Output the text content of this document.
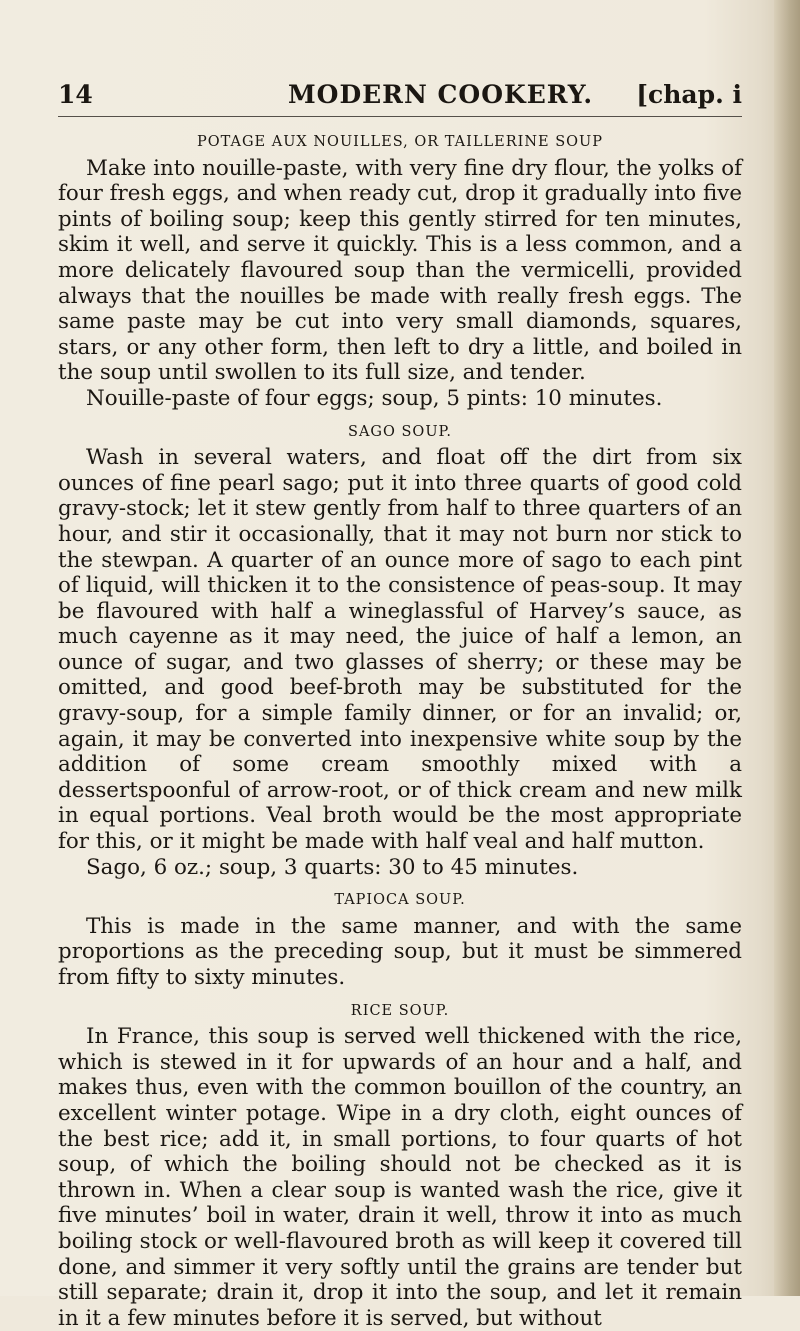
14	MODERN COOKERY. [chap. i
POTAGE AUX NOUILLES, OR TAILLERINE SOUP

Make into nouille-paste, with very fine dry flour, the yolks of four fresh eggs, and when ready cut, drop it gradually into five pints of boiling soup; keep this gently stirred for ten minutes, skim it well, and serve it quickly. This is a less common, and a more delicately flavoured soup than the vermicelli, provided always that the nouilles be made with really fresh eggs. The same paste may be cut into very small diamonds, squares, stars, or any other form, then left to dry a little, and boiled in the soup until swollen to its full size, and tender.

Nouille-paste of four eggs; soup, 5 pints: 10 minutes.

SAGO SOUP.

Wash in several waters, and float off the dirt from six ounces of fine pearl sago; put it into three quarts of good cold gravy-stock; let it stew gently from half to three quarters of an hour, and stir it occasionally, that it may not burn nor stick to the stewpan. A quarter of an ounce more of sago to each pint of liquid, will thicken it to the consistence of peas-soup. It may be flavoured with half a wineglassful of Harvey’s sauce, as much cayenne as it may need, the juice of half a lemon, an ounce of sugar, and two glasses of sherry; or these may be omitted, and good beef-broth may be substituted for the gravy-soup, for a simple family dinner, or for an invalid; or, again, it may be converted into inexpensive white soup by the addition of some cream smoothly mixed with a dessertspoonful of arrow-root, or of thick cream and new milk in equal portions. Veal broth would be the most appropriate for this, or it might be made with half veal and half mutton.

Sago, 6 oz.; soup, 3 quarts: 30 to 45 minutes.

TAPIOCA SOUP.

This is made in the same manner, and with the same proportions as the preceding soup, but it must be simmered from fifty to sixty minutes.

RICE SOUP.

In France, this soup is served well thickened with the rice, which is stewed in it for upwards of an hour and a half, and makes thus, even with the common bouillon of the country, an excellent winter potage. Wipe in a dry cloth, eight ounces of the best rice; add it, in small portions, to four quarts of hot soup, of which the boiling should not be checked as it is thrown in. When a clear soup is wanted wash the rice, give it five minutes’ boil in water, drain it well, throw it into as much boiling stock or well-flavoured broth as will keep it covered till done, and simmer it very softly until the grains are tender but still separate; drain it, drop it into the soup, and let it remain in it a few minutes before it is served, but without
